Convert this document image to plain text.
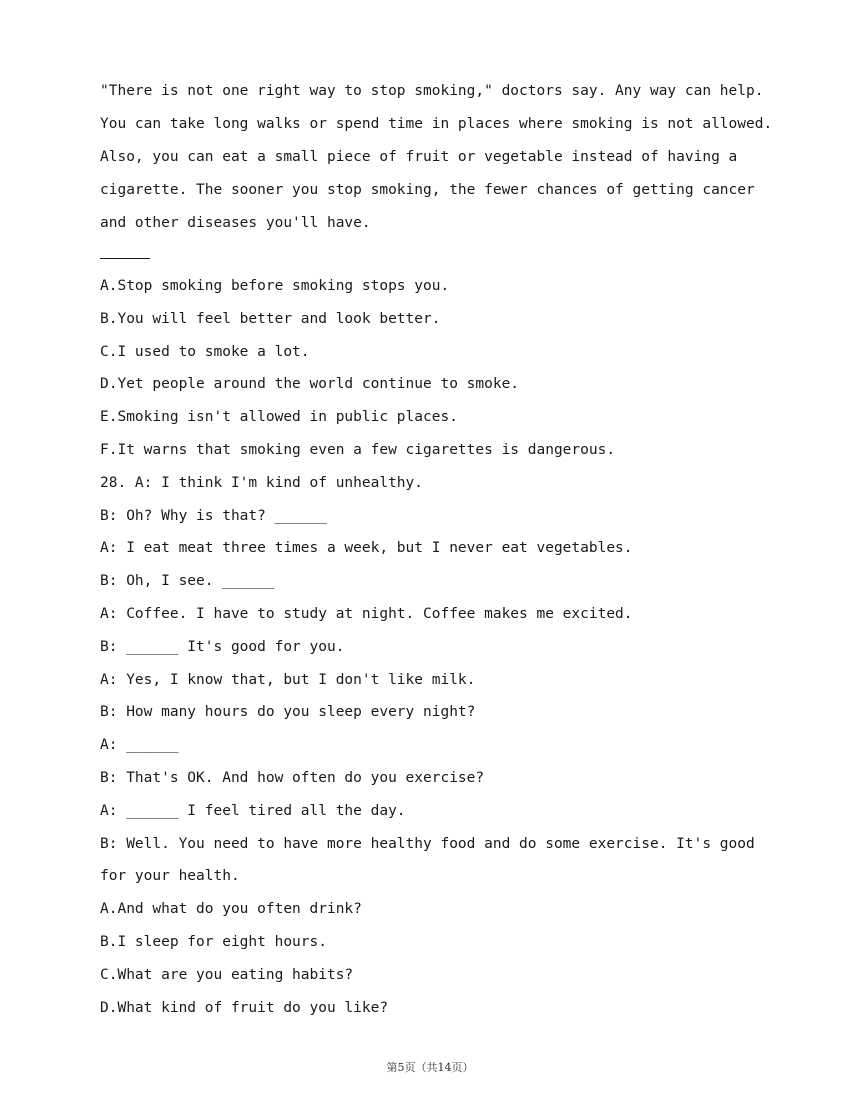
"There is not one right way to stop smoking," doctors say. Any way can help.
You can take long walks or spend time in places where smoking is not allowed.
Also, you can eat a small piece of fruit or vegetable instead of having a
cigarette. The sooner you stop smoking, the fewer chances of getting cancer
and other diseases you'll have.
A.Stop smoking before smoking stops you.
B.You will feel better and look better.
C.I used to smoke a lot.
D.Yet people around the world continue to smoke.
E.Smoking isn't allowed in public places.
F.It warns that smoking even a few cigarettes is dangerous.
28. A: I think I'm kind of unhealthy.
B: Oh? Why is that? ______
A: I eat meat three times a week, but I never eat vegetables.
B: Oh, I see. ______
A: Coffee. I have to study at night. Coffee makes me excited.
B: ______ It's good for you.
A: Yes, I know that, but I don't like milk.
B: How many hours do you sleep every night?
A: ______
B: That's OK. And how often do you exercise?
A: ______ I feel tired all the day.
B: Well. You need to have more healthy food and do some exercise. It's good
for your health.
A.And what do you often drink?
B.I sleep for eight hours.
C.What are you eating habits?
D.What kind of fruit do you like?
第5页（共14页）
